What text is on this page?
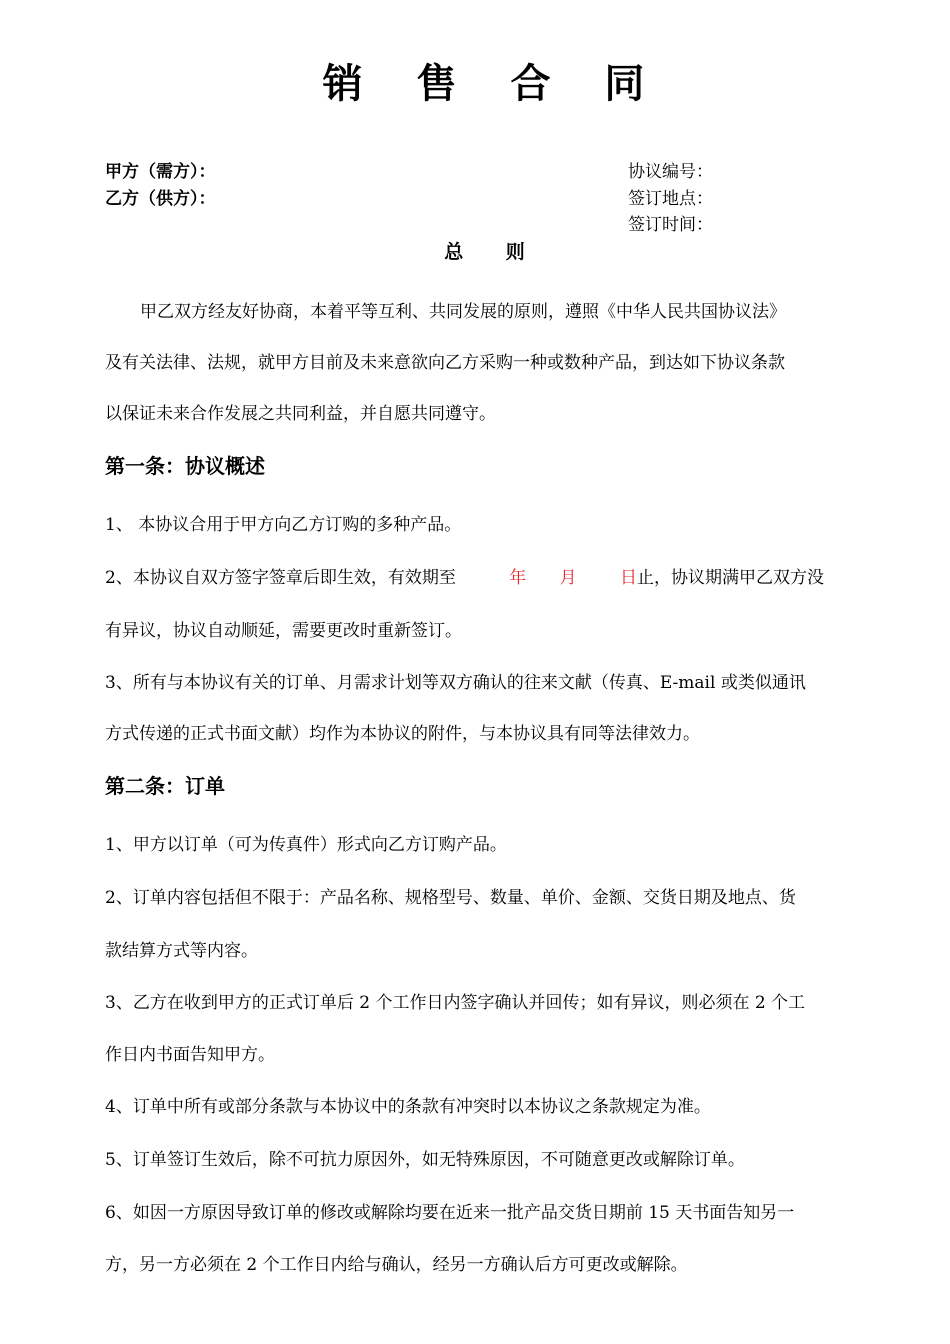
销 售 合 同
甲方（需方）：
乙方（供方）：
协议编号：
签订地点：
签订时间：
总 则
甲乙双方经友好协商，本着平等互利、共同发展的原则，遵照《中华人民共国协议法》
及有关法律、法规，就甲方目前及未来意欲向乙方采购一种或数种产品，到达如下协议条款
以保证未来合作发展之共同利益，并自愿共同遵守。
第一条：协议概述
1、 本协议合用于甲方向乙方订购的多种产品。
2、本协议自双方签字签章后即生效，有效期至	年 月	日止，协议期满甲乙双方没
有异议，协议自动顺延，需要更改时重新签订。
3、所有与本协议有关的订单、月需求计划等双方确认的往来文献（传真、E-mail 或类似通讯
方式传递的正式书面文献）均作为本协议的附件，与本协议具有同等法律效力。
第二条：订单
1、甲方以订单（可为传真件）形式向乙方订购产品。
2、订单内容包括但不限于：产品名称、规格型号、数量、单价、金额、交货日期及地点、货
款结算方式等内容。
3、乙方在收到甲方的正式订单后 2 个工作日内签字确认并回传；如有异议，则必须在 2 个工
作日内书面告知甲方。
4、订单中所有或部分条款与本协议中的条款有冲突时以本协议之条款规定为准。
5、订单签订生效后，除不可抗力原因外，如无特殊原因，不可随意更改或解除订单。
6、如因一方原因导致订单的修改或解除均要在近来一批产品交货日期前 15 天书面告知另一
方，另一方必须在 2 个工作日内给与确认，经另一方确认后方可更改或解除。
